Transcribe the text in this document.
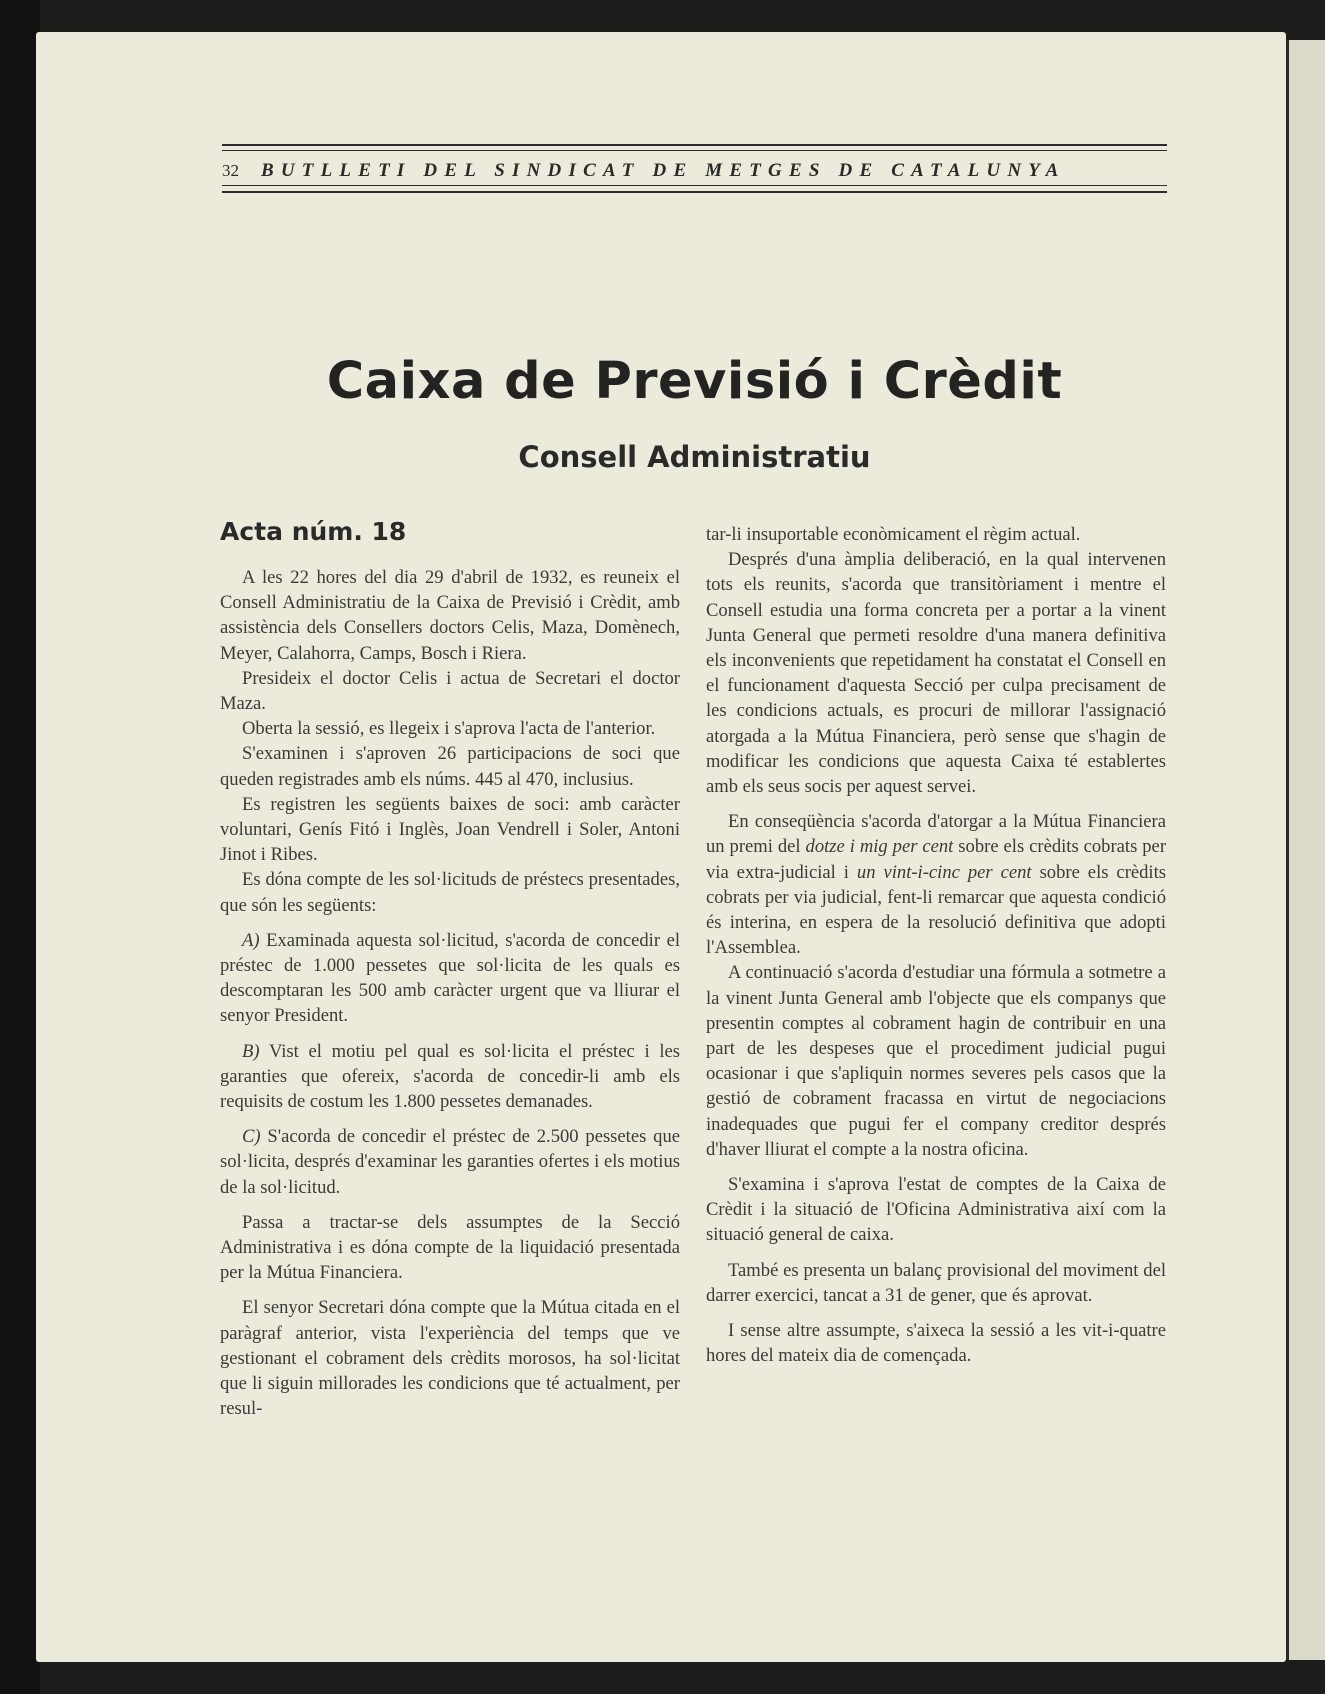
32 BUTLLETI DEL SINDICAT DE METGES DE CATALUNYA
Caixa de Previsió i Crèdit
Consell Administratiu
Acta núm. 18

A les 22 hores del dia 29 d'abril de 1932, es reuneix el Consell Administratiu de la Caixa de Previsió i Crèdit, amb assistència dels Consellers doctors Celis, Maza, Domènech, Meyer, Calahorra, Camps, Bosch i Riera.

Presideix el doctor Celis i actua de Secretari el doctor Maza.

Oberta la sessió, es llegeix i s'aprova l'acta de l'anterior.

S'examinen i s'aproven 26 participacions de soci que queden registrades amb els núms. 445 al 470, inclusius.

Es registren les següents baixes de soci: amb caràcter voluntari, Genís Fitó i Inglès, Joan Vendrell i Soler, Antoni Jinot i Ribes.

Es dóna compte de les sol·licituds de préstecs presentades, que són les següents:

A) Examinada aquesta sol·licitud, s'acorda de concedir el préstec de 1.000 pessetes que sol·licita de les quals es descomptaran les 500 amb caràcter urgent que va lliurar el senyor President.

B) Vist el motiu pel qual es sol·licita el préstec i les garanties que ofereix, s'acorda de concedir-li amb els requisits de costum les 1.800 pessetes demanades.

C) S'acorda de concedir el préstec de 2.500 pessetes que sol·licita, després d'examinar les garanties ofertes i els motius de la sol·licitud.

Passa a tractar-se dels assumptes de la Secció Administrativa i es dóna compte de la liquidació presentada per la Mútua Financiera.

El senyor Secretari dóna compte que la Mútua citada en el paràgraf anterior, vista l'experiència del temps que ve gestionant el cobrament dels crèdits morosos, ha sol·licitat que li siguin millorades les condicions que té actualment, per resul-

tar-li insuportable econòmicament el règim actual.

Després d'una àmplia deliberació, en la qual intervenen tots els reunits, s'acorda que transitòriament i mentre el Consell estudia una forma concreta per a portar a la vinent Junta General que permeti resoldre d'una manera definitiva els inconvenients que repetidament ha constatat el Consell en el funcionament d'aquesta Secció per culpa precisament de les condicions actuals, es procuri de millorar l'assignació atorgada a la Mútua Financiera, però sense que s'hagin de modificar les condicions que aquesta Caixa té establertes amb els seus socis per aquest servei.

En conseqüència s'acorda d'atorgar a la Mútua Financiera un premi del dotze i mig per cent sobre els crèdits cobrats per via extra-judicial i un vint-i-cinc per cent sobre els crèdits cobrats per via judicial, fent-li remarcar que aquesta condició és interina, en espera de la resolució definitiva que adopti l'Assemblea.

A continuació s'acorda d'estudiar una fórmula a sotmetre a la vinent Junta General amb l'objecte que els companys que presentin comptes al cobrament hagin de contribuir en una part de les despeses que el procediment judicial pugui ocasionar i que s'apliquin normes severes pels casos que la gestió de cobrament fracassa en virtut de negociacions inadequades que pugui fer el company creditor després d'haver lliurat el compte a la nostra oficina.

S'examina i s'aprova l'estat de comptes de la Caixa de Crèdit i la situació de l'Oficina Administrativa així com la situació general de caixa.

També es presenta un balanç provisional del moviment del darrer exercici, tancat a 31 de gener, que és aprovat.

I sense altre assumpte, s'aixeca la sessió a les vit-i-quatre hores del mateix dia de començada.
